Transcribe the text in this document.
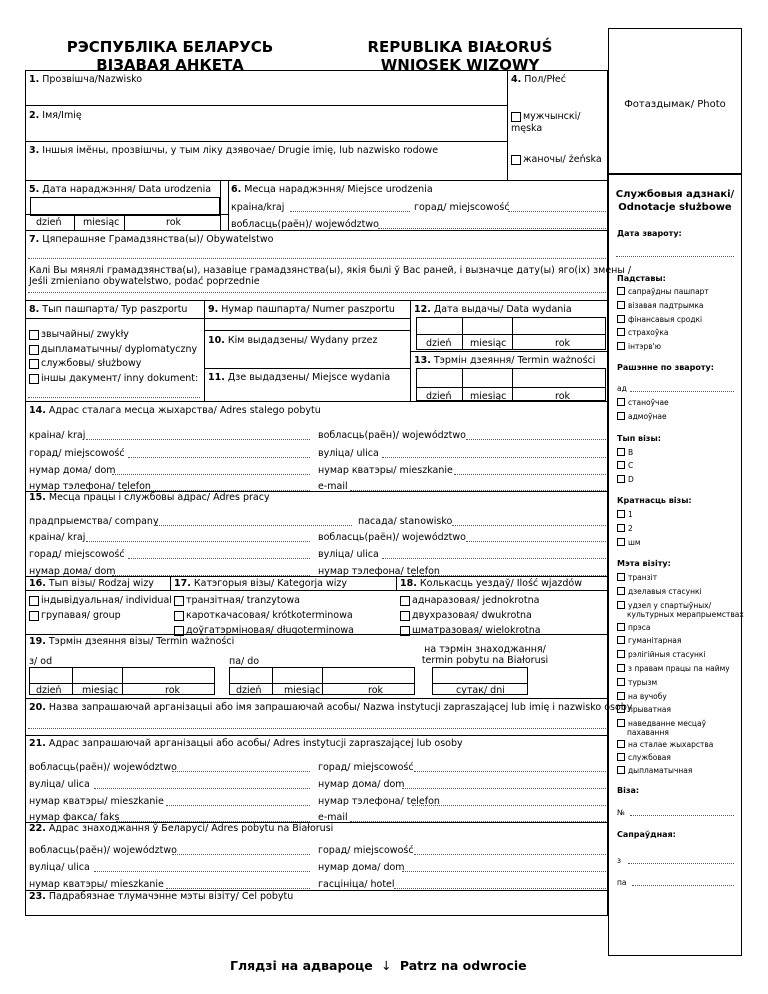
РЭСПУБЛІКА БЕЛАРУСЬ
ВІЗАВАЯ АНКЕТА
REPUBLIKA BIAŁORUŚ
WNIOSEK WIZOWY
Фотаздымак/ Photo
1. Прозвішча/Nazwisko	4. Пол/Płeć
2. Імя/Imię	мужчынскі/
męska
3. Іншыя імёны, прозвішчы, у тым ліку дзявочае/ Drugie imię, lub nazwisko rodowe
жаночы/ żeńska
5. Дата нараджэння/ Data urodzenia
dzień miesiąc	rok
6. Месца нараджэння/ Miejsce urodzenia
краіна/kraj	горад/ miejscowość
вобласць(раён)/ województwo
7. Цяперашняе Грамадзянства(ы)/ Obywatelstwo
Калі Вы мянялі грамадзянства(ы), назавіце грамадзянства(ы), якія былі ў Вас раней, і вызначце дату(ы) яго(іх) змены /
Jeśli zmieniano obywatelstwo, podać poprzednie
8. Тып пашпарта/ Typ paszportu 9. Нумар пашпарта/ Numer paszportu 12. Дата выдачы/ Data wydania
звычайны/ zwykły
дыпламатычны/ dyplomatyczny
службовы/ służbowy
іншы дакумент/ inny dokument:
10. Кім выдадзены/ Wydany przez
11. Дзе выдадзены/ Miejsce wydania
dzień miesiąc	rok
13. Тэрмін дзеяння/ Termin ważności
dzień miesiąc	rok
14. Адрас сталага месца жыхарства/ Adres stalego pobytu
краіна/ kraj	вобласць(раён)/ województwo
горад/ miejscowość	вуліца/ ulica
нумар дома/ dom	нумар кватэры/ mieszkanie
нумар тэлефона/ telefon	e-mail
15. Месца працы і службовы адрас/ Adres pracy
прадпрыемства/ company	пасада/ stanowisko
краіна/ kraj	вобласць(раён)/ województwo
горад/ miejscowość	вуліца/ ulica
нумар дома/ dom	нумар тэлефона/ telefon
16. Тып візы/ Rodzaj wizy 17. Катэгорыя візы/ Kategorja wizy	18. Колькасць уездаў/ Ilość wjazdów
індывідуальная/ individual
групавая/ group
транзітная/ tranzytowa
кароткачасовая/ krótkoterminowa
доўгатэрміновая/ długoterminowa
аднаразовая/ jednokrotna
двухразовая/ dwukrotna
шматразовая/ wielokrotna
19. Тэрмін дзеяння візы/ Termin ważności
з/ od	па/ do
на тэрмін знаходжання/
termin pobytu na Białorusi
dzień miesiąc	rok	dzień miesiąc	rok	сутак/ dni
20. Назва запрашаючай арганізацыі або імя запрашаючай асобы/ Nazwa instytucji zapraszającej lub imię i nazwisko osoby
21. Адрас запрашаючай арганізацыі або асобы/ Adres instytucji zapraszającej lub osoby
вобласць(раён)/ województwo	горад/ miejscowość
вуліца/ ulica	нумар дома/ dom
нумар кватэры/ mieszkanie	нумар тэлефона/ telefon
нумар факса/ faks	e-mail
22. Адрас знаходжання ў Беларусі/ Adres pobytu na Białorusi
вобласць(раён)/ województwo	горад/ miejscowość
вуліца/ ulica	нумар дома/ dom
нумар кватэры/ mieszkanie	гасцініца/ hotel
23. Падрабязнае тлумачэнне мэты візіту/ Cel pobytu
Глядзі на адвароце ↓ Patrz na odwrocie
Службовыя адзнакі/
Odnotacje służbowe
Дата звароту:
Падставы:
сапраўдны пашпарт
візавая падтрымка
фінансавыя сродкі
страхоўка
інтэрв'ю
Рашэнне по звароту:
ад
станоўчае
адмоўнае
Тып візы:
B
C
D
Кратнасць візы:
1
2
шм
Мэта візіту:
транзіт
дзелавыя стасункі
удзел у спартыўных/
культурных мерапрыемствах
прэса
гуманітарная
рэлігійныя стасункі
з правам працы па найму
турызм
на вучобу
прыватная
наведванне месцаў
пахавання
на сталае жыхарства
службовая
дыпламатычная
Віза:
№
Сапраўдная:
з
па
